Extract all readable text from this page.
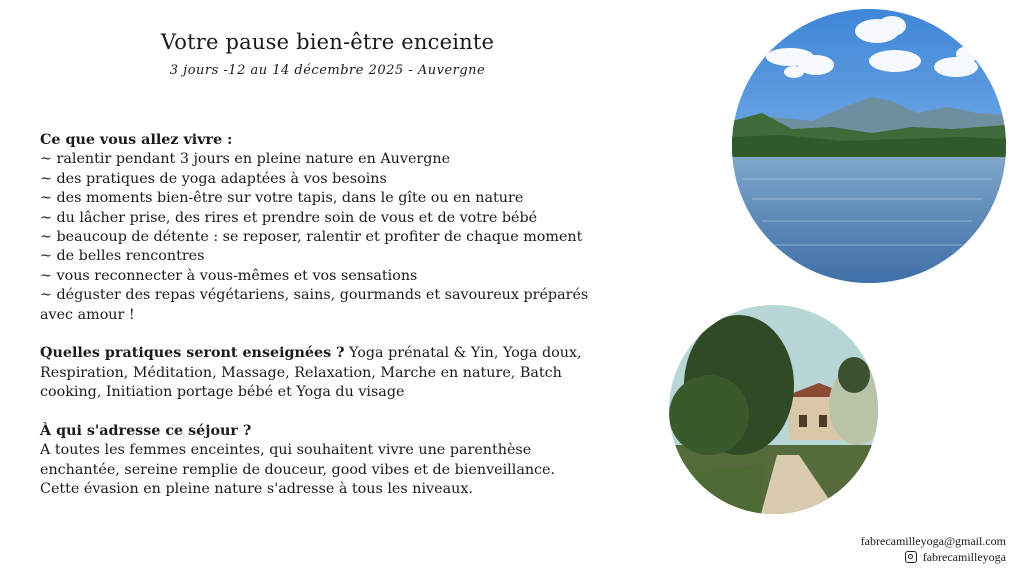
Votre pause bien-être enceinte
3 jours -12 au 14 décembre 2025 - Auvergne
Ce que vous allez vivre :
~ ralentir pendant 3 jours en pleine nature en Auvergne
~ des pratiques de yoga adaptées à vos besoins
~ des moments bien-être sur votre tapis, dans le gîte ou en nature
~ du lâcher prise, des rires et prendre soin de vous et de votre bébé
~ beaucoup de détente : se reposer, ralentir et profiter de chaque moment
~ de belles rencontres
~ vous reconnecter à vous-mêmes et vos sensations
~ déguster des repas végétariens, sains, gourmands et savoureux préparés
avec amour !
Quelles pratiques seront enseignées ? Yoga prénatal & Yin, Yoga doux,
Respiration, Méditation, Massage, Relaxation, Marche en nature, Batch
cooking, Initiation portage bébé et Yoga du visage
À qui s'adresse ce séjour ?
A toutes les femmes enceintes, qui souhaitent vivre une parenthèse
enchantée, sereine remplie de douceur, good vibes et de bienveillance.
Cette évasion en pleine nature s'adresse à tous les niveaux.
fabrecamilleyoga@gmail.com
fabrecamilleyoga
